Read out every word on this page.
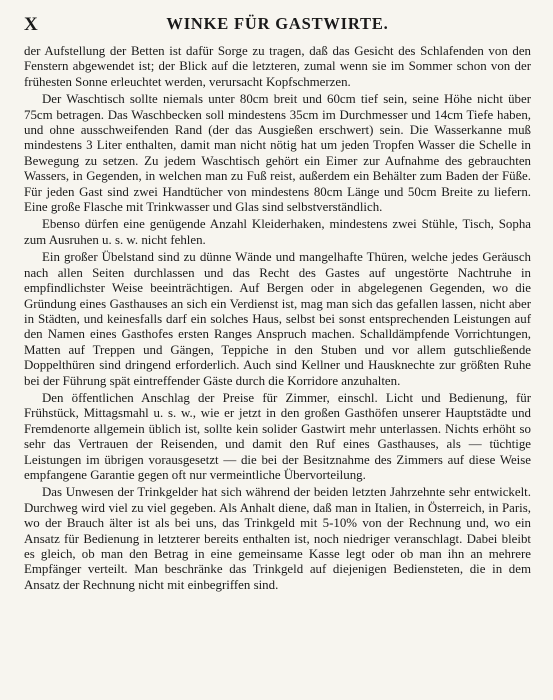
X	WINKE FÜR GASTWIRTE.

der Aufstellung der Betten ist dafür Sorge zu tragen, daß das Gesicht des Schlafenden von den Fenstern abgewendet ist; der Blick auf die letzteren, zumal wenn sie im Sommer schon von der frühesten Sonne erleuchtet werden, verursacht Kopfschmerzen.

Der Waschtisch sollte niemals unter 80cm breit und 60cm tief sein, seine Höhe nicht über 75cm betragen. Das Waschbecken soll mindestens 35cm im Durchmesser und 14cm Tiefe haben, und ohne ausschweifenden Rand (der das Ausgießen erschwert) sein. Die Wasserkanne muß mindestens 3 Liter enthalten, damit man nicht nötig hat um jeden Tropfen Wasser die Schelle in Bewegung zu setzen. Zu jedem Waschtisch gehört ein Eimer zur Aufnahme des gebrauchten Wassers, in Gegenden, in welchen man zu Fuß reist, außerdem ein Behälter zum Baden der Füße. Für jeden Gast sind zwei Handtücher von mindestens 80cm Länge und 50cm Breite zu liefern. Eine große Flasche mit Trinkwasser und Glas sind selbstverständlich.

Ebenso dürfen eine genügende Anzahl Kleiderhaken, mindestens zwei Stühle, Tisch, Sopha zum Ausruhen u. s. w. nicht fehlen.

Ein großer Übelstand sind zu dünne Wände und mangelhafte Thüren, welche jedes Geräusch nach allen Seiten durchlassen und das Recht des Gastes auf ungestörte Nachtruhe in empfindlichster Weise beeinträchtigen. Auf Bergen oder in abgelegenen Gegenden, wo die Gründung eines Gasthauses an sich ein Verdienst ist, mag man sich das gefallen lassen, nicht aber in Städten, und keinesfalls darf ein solches Haus, selbst bei sonst entsprechenden Leistungen auf den Namen eines Gasthofes ersten Ranges Anspruch machen. Schalldämpfende Vorrichtungen, Matten auf Treppen und Gängen, Teppiche in den Stuben und vor allem gutschließende Doppelthüren sind dringend erforderlich. Auch sind Kellner und Hausknechte zur größten Ruhe bei der Führung spät eintreffender Gäste durch die Korridore anzuhalten.

Den öffentlichen Anschlag der Preise für Zimmer, einschl. Licht und Bedienung, für Frühstück, Mittagsmahl u. s. w., wie er jetzt in den großen Gasthöfen unserer Hauptstädte und Fremdenorte allgemein üblich ist, sollte kein solider Gastwirt mehr unterlassen. Nichts erhöht so sehr das Vertrauen der Reisenden, und damit den Ruf eines Gasthauses, als — tüchtige Leistungen im übrigen vorausgesetzt — die bei der Besitznahme des Zimmers auf diese Weise empfangene Garantie gegen oft nur vermeintliche Übervorteilung.

Das Unwesen der Trinkgelder hat sich während der beiden letzten Jahrzehnte sehr entwickelt. Durchweg wird viel zu viel gegeben. Als Anhalt diene, daß man in Italien, in Österreich, in Paris, wo der Brauch älter ist als bei uns, das Trinkgeld mit 5-10% von der Rechnung und, wo ein Ansatz für Bedienung in letzterer bereits enthalten ist, noch niedriger veranschlagt. Dabei bleibt es gleich, ob man den Betrag in eine gemeinsame Kasse legt oder ob man ihn an mehrere Empfänger verteilt. Man beschränke das Trinkgeld auf diejenigen Bediensteten, die in dem Ansatz der Rechnung nicht mit einbegriffen sind.
